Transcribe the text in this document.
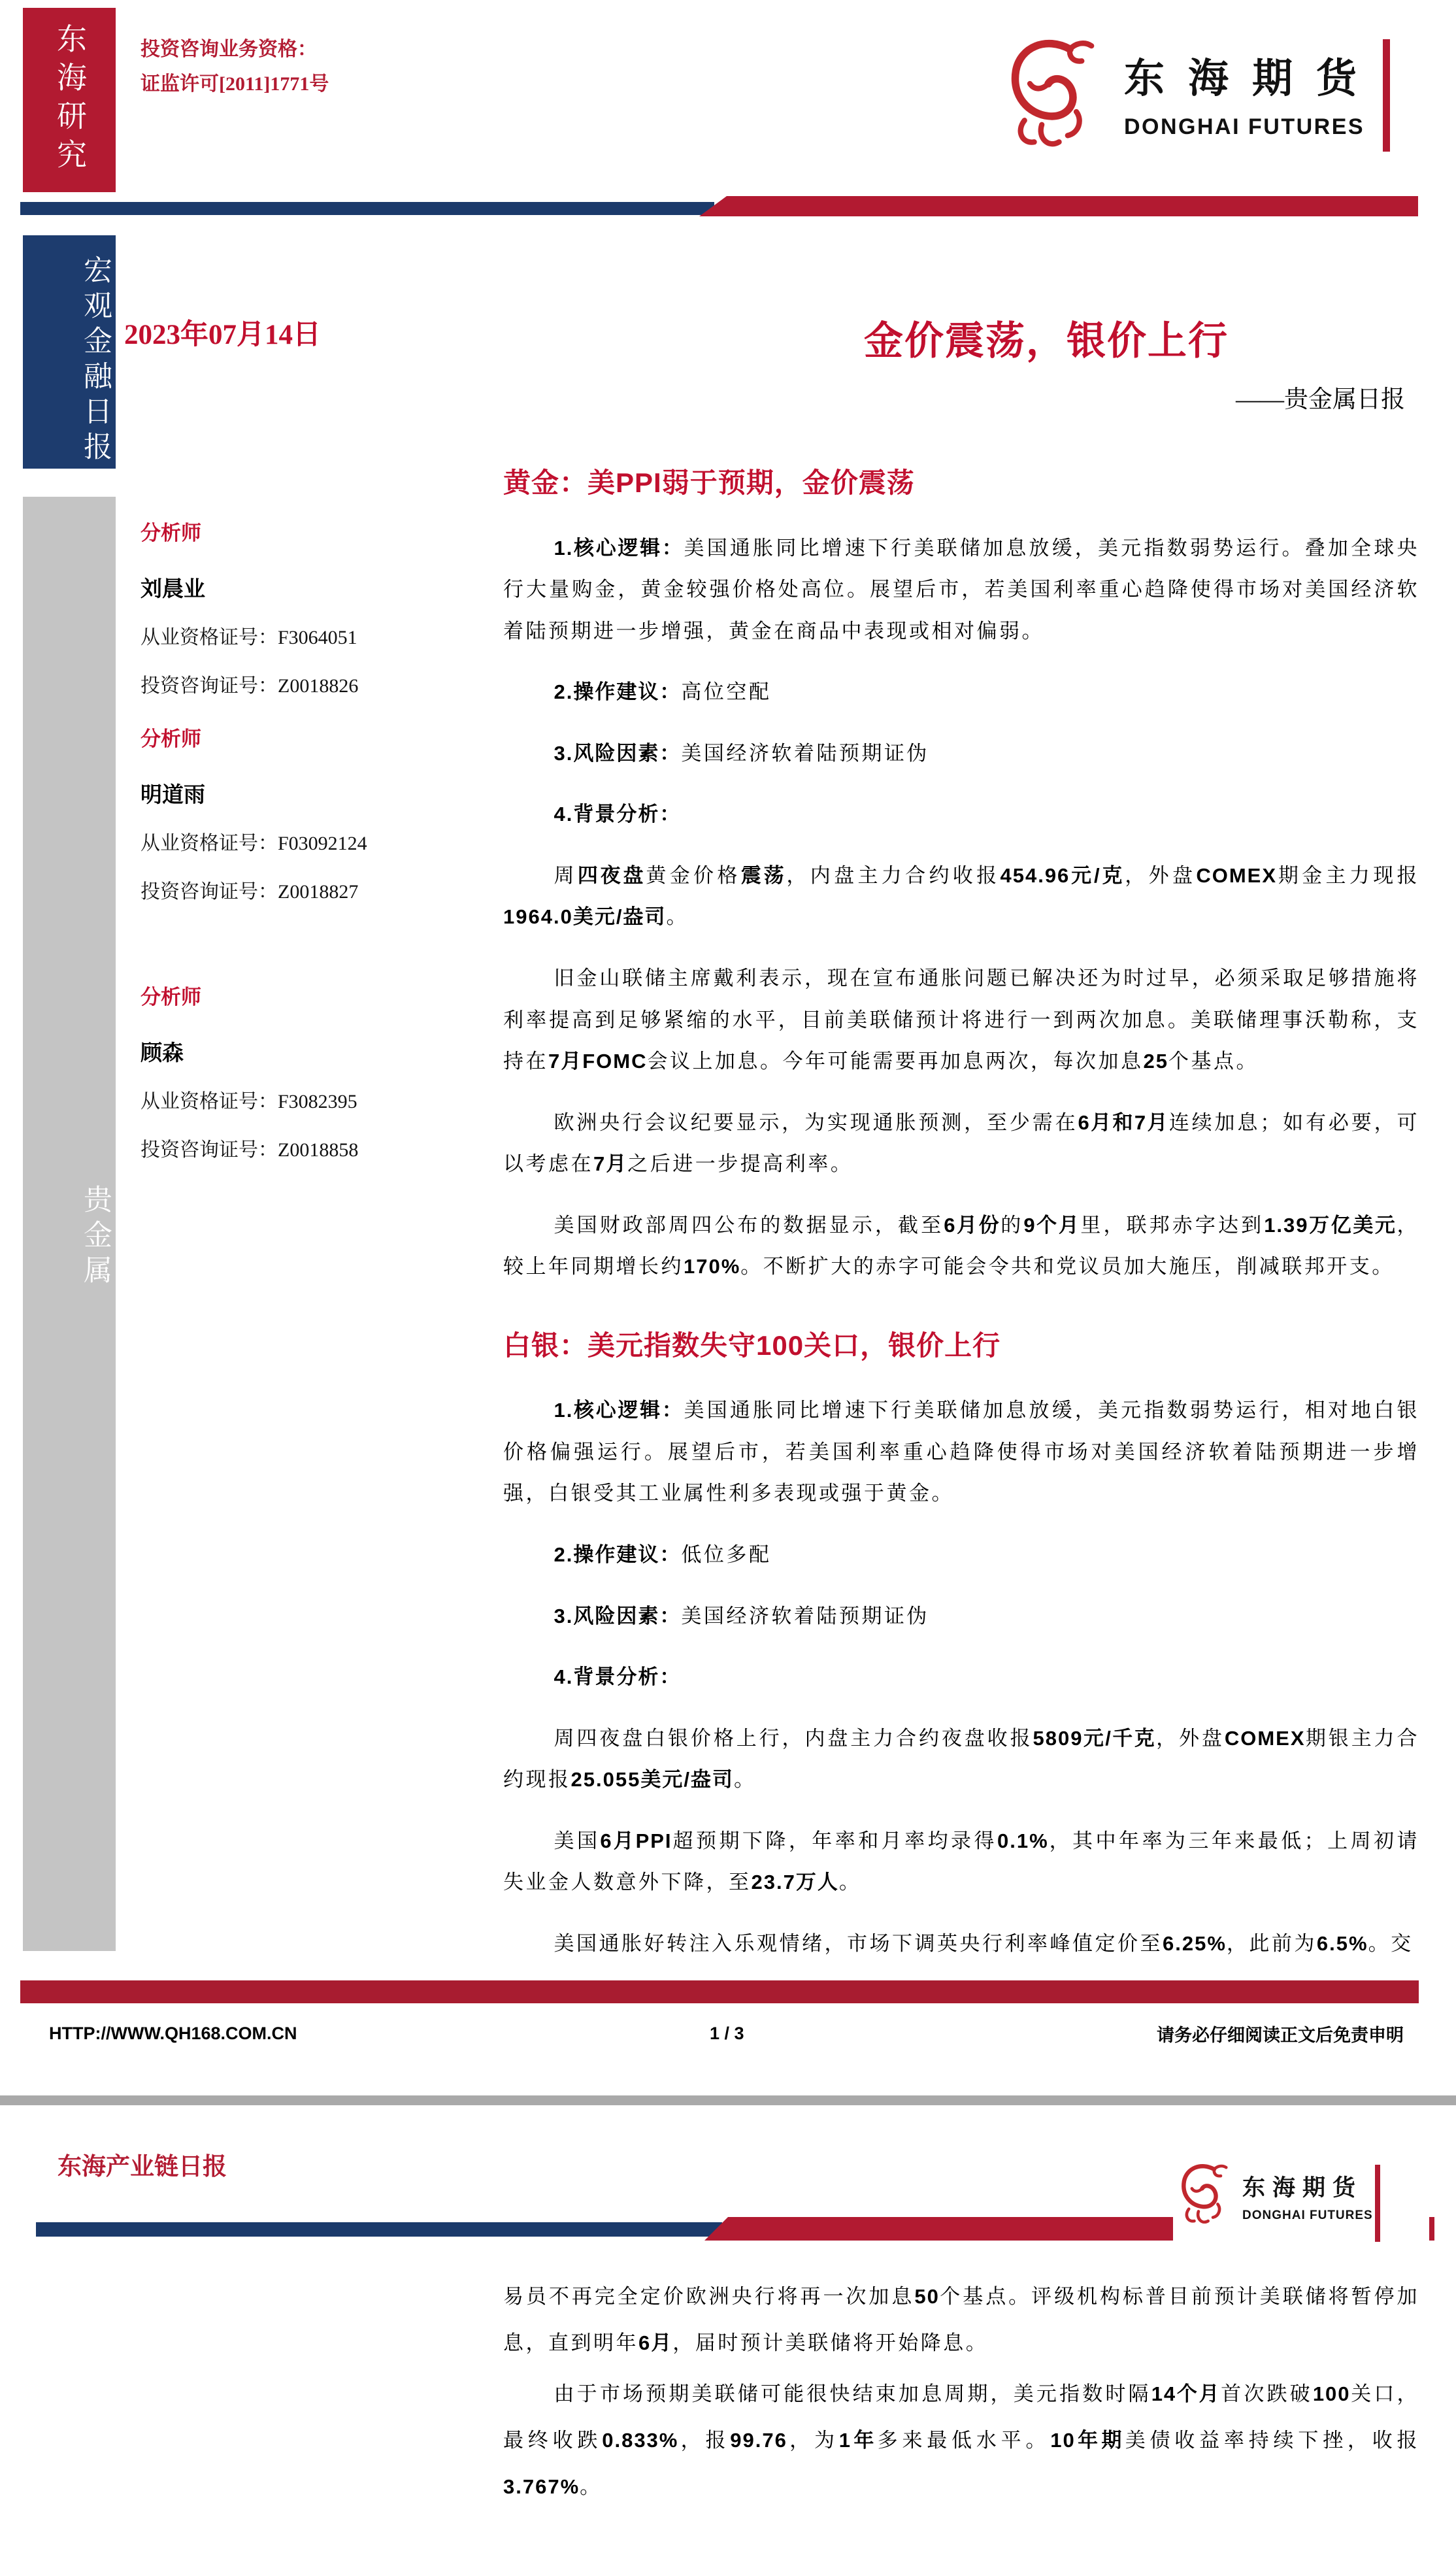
东海研究	投资咨询业务资格：
证监许可[2011]1771号	东海期货
DONGHAI FUTURES
宏观金融日报
贵金属
2023年07月14日	金价震荡，银价上行
——贵金属日报
分析师
刘晨业
从业资格证号：F3064051
投资咨询证号：Z0018826
分析师
明道雨
从业资格证号：F03092124
投资咨询证号：Z0018827
分析师
顾森
从业资格证号：F3082395
投资咨询证号：Z0018858
黄金：美PPI弱于预期，金价震荡

1.核心逻辑：美国通胀同比增速下行美联储加息放缓，美元指数弱势运行。叠加全球央行大量购金，黄金较强价格处高位。展望后市，若美国利率重心趋降使得市场对美国经济软着陆预期进一步增强，黄金在商品中表现或相对偏弱。

2.操作建议：高位空配

3.风险因素：美国经济软着陆预期证伪

4.背景分析：

周四夜盘黄金价格震荡，内盘主力合约收报454.96元/克，外盘COMEX期金主力现报1964.0美元/盎司。

旧金山联储主席戴利表示，现在宣布通胀问题已解决还为时过早，必须采取足够措施将利率提高到足够紧缩的水平，目前美联储预计将进行一到两次加息。美联储理事沃勒称，支持在7月FOMC会议上加息。今年可能需要再加息两次，每次加息25个基点。

欧洲央行会议纪要显示，为实现通胀预测，至少需在6月和7月连续加息；如有必要，可以考虑在7月之后进一步提高利率。

美国财政部周四公布的数据显示，截至6月份的9个月里，联邦赤字达到1.39万亿美元，较上年同期增长约170%。不断扩大的赤字可能会令共和党议员加大施压，削减联邦开支。

白银：美元指数失守100关口，银价上行

1.核心逻辑：美国通胀同比增速下行美联储加息放缓，美元指数弱势运行，相对地白银价格偏强运行。展望后市，若美国利率重心趋降使得市场对美国经济软着陆预期进一步增强，白银受其工业属性利多表现或强于黄金。

2.操作建议：低位多配

3.风险因素：美国经济软着陆预期证伪

4.背景分析：

周四夜盘白银价格上行，内盘主力合约夜盘收报5809元/千克，外盘COMEX期银主力合约现报25.055美元/盎司。

美国6月PPI超预期下降，年率和月率均录得0.1%，其中年率为三年来最低；上周初请失业金人数意外下降，至23.7万人。

美国通胀好转注入乐观情绪，市场下调英央行利率峰值定价至6.25%，此前为6.5%。交

HTTP://WWW.QH168.COM.CN	1 / 3	请务必仔细阅读正文后免责申明
东海产业链日报
东海期货
DONGHAI FUTURES

易员不再完全定价欧洲央行将再一次加息50个基点。评级机构标普目前预计美联储将暂停加息，直到明年6月，届时预计美联储将开始降息。

由于市场预期美联储可能很快结束加息周期，美元指数时隔14个月首次跌破100关口，最终收跌0.833%，报99.76，为1年多来最低水平。10年期美债收益率持续下挫，收报3.767%。
